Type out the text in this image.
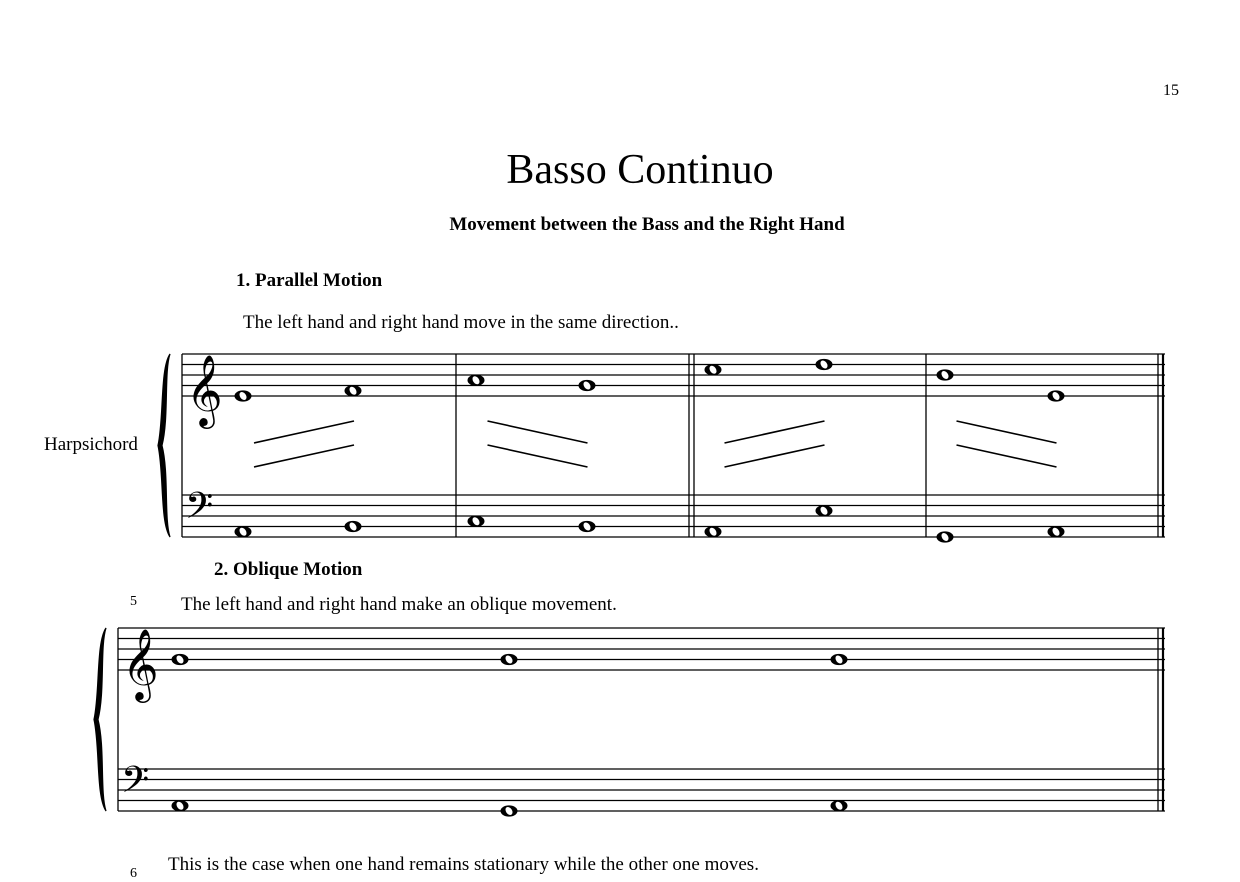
15
Basso Continuo
Movement between the Bass and the Right Hand
1. Parallel Motion
The left hand and right hand move in the same direction..
Harpsichord
2. Oblique Motion
5 The left hand and right hand make an oblique movement.
6 This is the case when one hand remains stationary while the other one moves.
𝄞
𝄢
𝄞
𝄢
